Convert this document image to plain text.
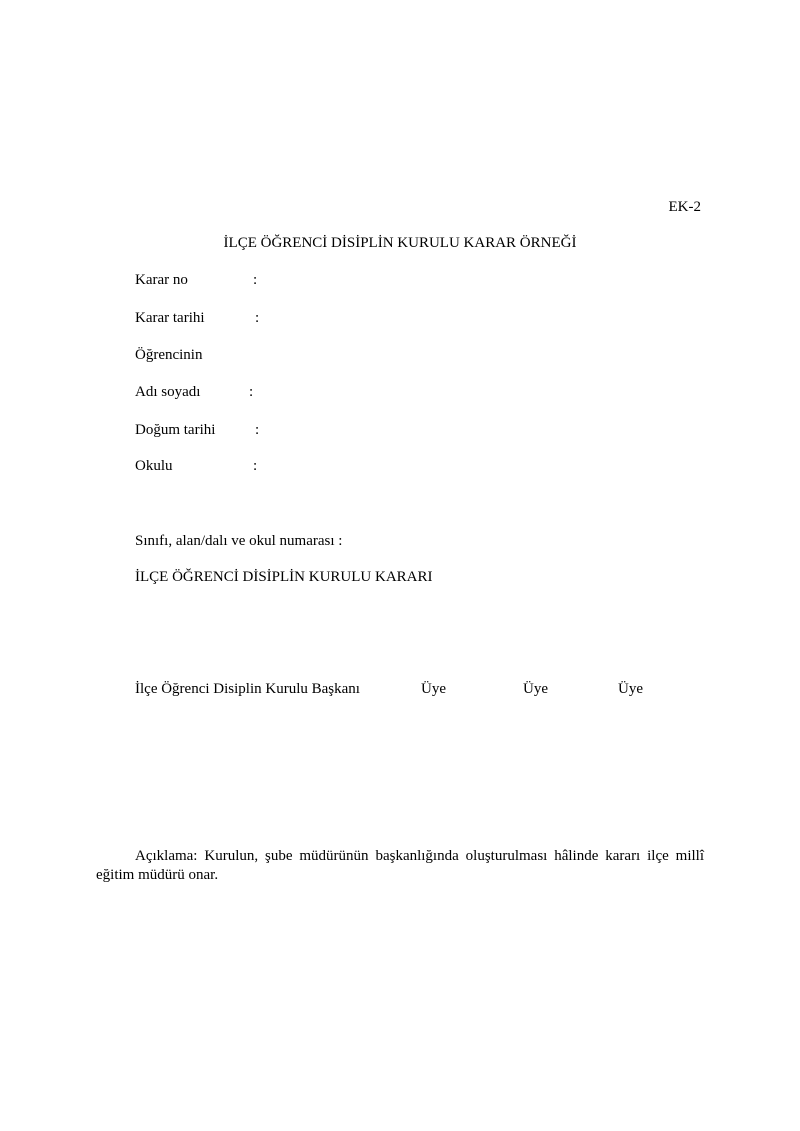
EK-2
İLÇE ÖĞRENCİ DİSİPLİN KURULU KARAR ÖRNEĞİ
Karar no	:
Karar tarihi	:
Öğrencinin
Adı soyadı	:
Doğum tarihi	:
Okulu	:
Sınıfı, alan/dalı ve okul numarası :
İLÇE ÖĞRENCİ DİSİPLİN KURULU KARARI
İlçe Öğrenci Disiplin Kurulu Başkanı	Üye	Üye	Üye
Açıklama: Kurulun, şube müdürünün başkanlığında oluşturulması hâlinde kararı ilçe millî eğitim müdürü onar.
